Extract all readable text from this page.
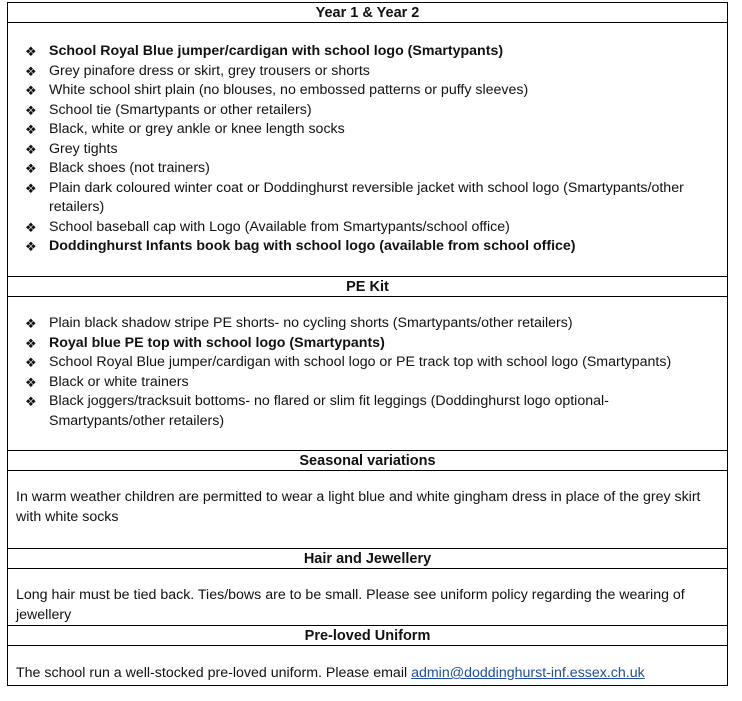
Year 1 & Year 2
❖ School Royal Blue jumper/cardigan with school logo (Smartypants)
❖ Grey pinafore dress or skirt, grey trousers or shorts
❖ White school shirt plain (no blouses, no embossed patterns or puffy sleeves)
❖ School tie (Smartypants or other retailers)
❖ Black, white or grey ankle or knee length socks
❖ Grey tights
❖ Black shoes (not trainers)
❖ Plain dark coloured winter coat or Doddinghurst reversible jacket with school logo (Smartypants/other retailers)
❖ School baseball cap with Logo (Available from Smartypants/school office)
❖ Doddinghurst Infants book bag with school logo (available from school office)
PE Kit
❖ Plain black shadow stripe PE shorts- no cycling shorts (Smartypants/other retailers)
❖ Royal blue PE top with school logo (Smartypants)
❖ School Royal Blue jumper/cardigan with school logo or PE track top with school logo (Smartypants)
❖ Black or white trainers
❖ Black joggers/tracksuit bottoms- no flared or slim fit leggings (Doddinghurst logo optional- Smartypants/other retailers)
Seasonal variations
In warm weather children are permitted to wear a light blue and white gingham dress in place of the grey skirt with white socks
Hair and Jewellery
Long hair must be tied back. Ties/bows are to be small. Please see uniform policy regarding the wearing of jewellery
Pre-loved Uniform
The school run a well-stocked pre-loved uniform. Please email admin@doddinghurst-inf.essex.ch.uk
